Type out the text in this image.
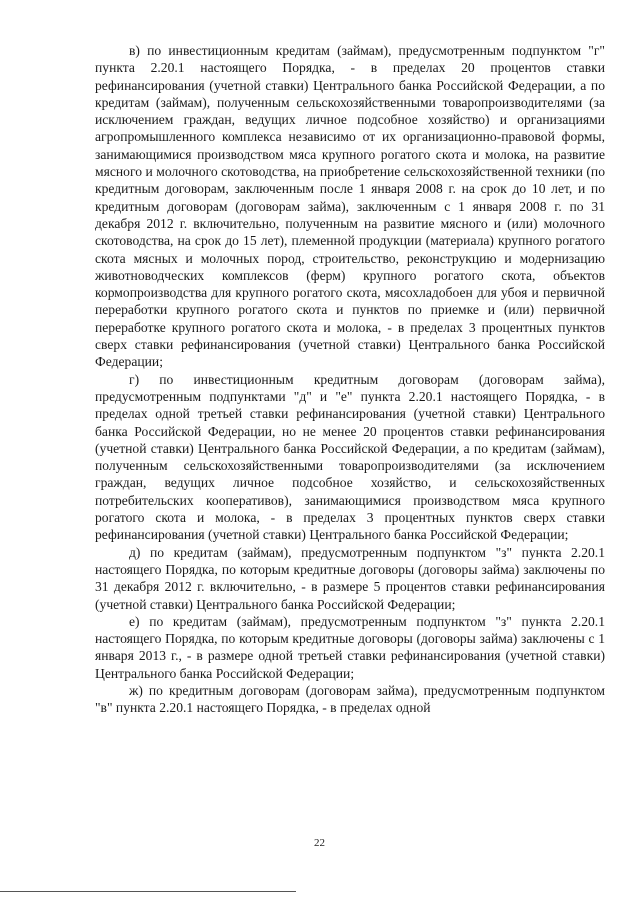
в) по инвестиционным кредитам (займам), предусмотренным подпунктом "г" пункта 2.20.1 настоящего Порядка, - в пределах 20 процентов ставки рефинансирования (учетной ставки) Центрального банка Российской Федерации, а по кредитам (займам), полученным сельскохозяйственными товаропроизводителями (за исключением граждан, ведущих личное подсобное хозяйство) и организациями агропромышленного комплекса независимо от их организационно-правовой формы, занимающимися производством мяса крупного рогатого скота и молока, на развитие мясного и молочного скотоводства, на приобретение сельскохозяйственной техники (по кредитным договорам, заключенным после 1 января 2008 г. на срок до 10 лет, и по кредитным договорам (договорам займа), заключенным с 1 января 2008 г. по 31 декабря 2012 г. включительно, полученным на развитие мясного и (или) молочного скотоводства, на срок до 15 лет), племенной продукции (материала) крупного рогатого скота мясных и молочных пород, строительство, реконструкцию и модернизацию животноводческих комплексов (ферм) крупного рогатого скота, объектов кормопроизводства для крупного рогатого скота, мясохладобоен для убоя и первичной переработки крупного рогатого скота и пунктов по приемке и (или) первичной переработке крупного рогатого скота и молока, - в пределах 3 процентных пунктов сверх ставки рефинансирования (учетной ставки) Центрального банка Российской Федерации;

г) по инвестиционным кредитным договорам (договорам займа), предусмотренным подпунктами "д" и "е" пункта 2.20.1 настоящего Порядка, - в пределах одной третьей ставки рефинансирования (учетной ставки) Центрального банка Российской Федерации, но не менее 20 процентов ставки рефинансирования (учетной ставки) Центрального банка Российской Федерации, а по кредитам (займам), полученным сельскохозяйственными товаропроизводителями (за исключением граждан, ведущих личное подсобное хозяйство, и сельскохозяйственных потребительских кооперативов), занимающимися производством мяса крупного рогатого скота и молока, - в пределах 3 процентных пунктов сверх ставки рефинансирования (учетной ставки) Центрального банка Российской Федерации;

д) по кредитам (займам), предусмотренным подпунктом "з" пункта 2.20.1 настоящего Порядка, по которым кредитные договоры (договоры займа) заключены по 31 декабря 2012 г. включительно, - в размере 5 процентов ставки рефинансирования (учетной ставки) Центрального банка Российской Федерации;

е) по кредитам (займам), предусмотренным подпунктом "з" пункта 2.20.1 настоящего Порядка, по которым кредитные договоры (договоры займа) заключены с 1 января 2013 г., - в размере одной третьей ставки рефинансирования (учетной ставки) Центрального банка Российской Федерации;

ж) по кредитным договорам (договорам займа), предусмотренным подпунктом "в" пункта 2.20.1 настоящего Порядка, - в пределах одной

22
